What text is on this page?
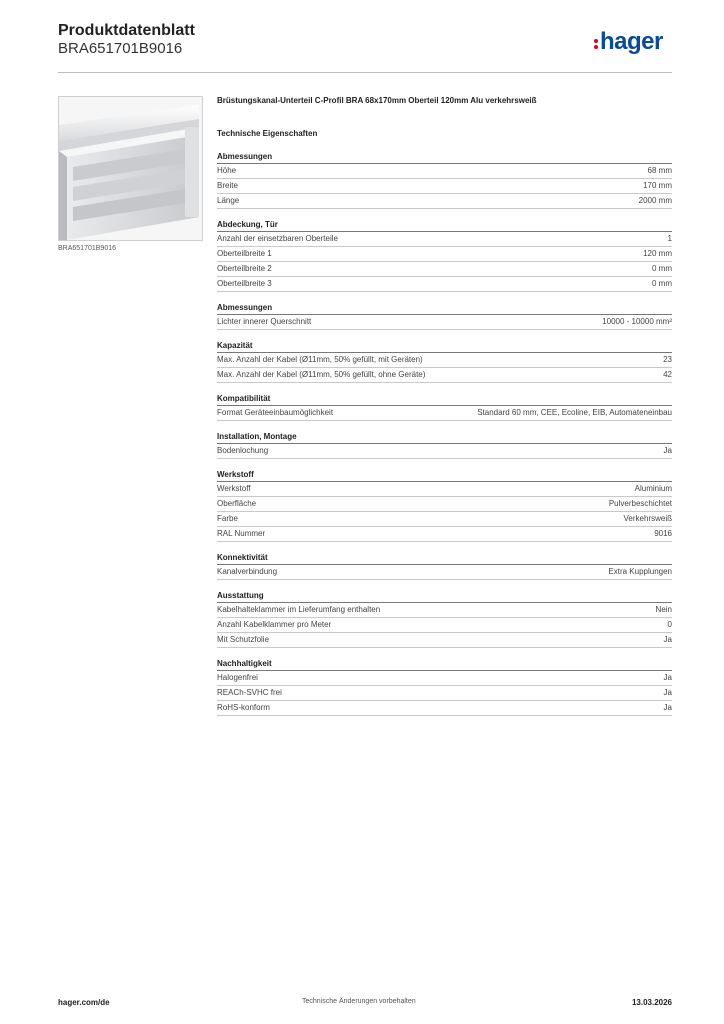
Produktdatenblatt
BRA651701B9016	hager
BRA651701B9016
Brüstungskanal-Unterteil C-Profil BRA 68x170mm Oberteil 120mm Alu verkehrsweiß
Technische Eigenschaften
Abmessungen
Höhe	68 mm
Breite	170 mm
Länge	2000 mm
Abdeckung, Tür
Anzahl der einsetzbaren Oberteile	1
Oberteilbreite 1	120 mm
Oberteilbreite 2	0 mm
Oberteilbreite 3	0 mm
Abmessungen
Lichter innerer Querschnitt	10000 - 10000 mm²
Kapazität
Max. Anzahl der Kabel (Ø11mm, 50% gefüllt, mit Geräten)	23
Max. Anzahl der Kabel (Ø11mm, 50% gefüllt, ohne Geräte)	42
Kompatibilität
Format Geräteeinbaumöglichkeit	Standard 60 mm, CEE, Ecoline, EIB, Automateneinbau
Installation, Montage
Bodenlochung	Ja
Werkstoff
Werkstoff	Aluminium
Oberfläche	Pulverbeschichtet
Farbe	Verkehrsweiß
RAL Nummer	9016
Konnektivität
Kanalverbindung	Extra Kupplungen
Ausstattung
Kabelhalteklammer im Lieferumfang enthalten	Nein
Anzahl Kabelklammer pro Meter	0
Mit Schutzfolie	Ja
Nachhaltigkeit
Halogenfrei	Ja
REACh-SVHC frei	Ja
RoHS-konform	Ja
hager.com/de	Technische Änderungen vorbehalten	13.03.2026
